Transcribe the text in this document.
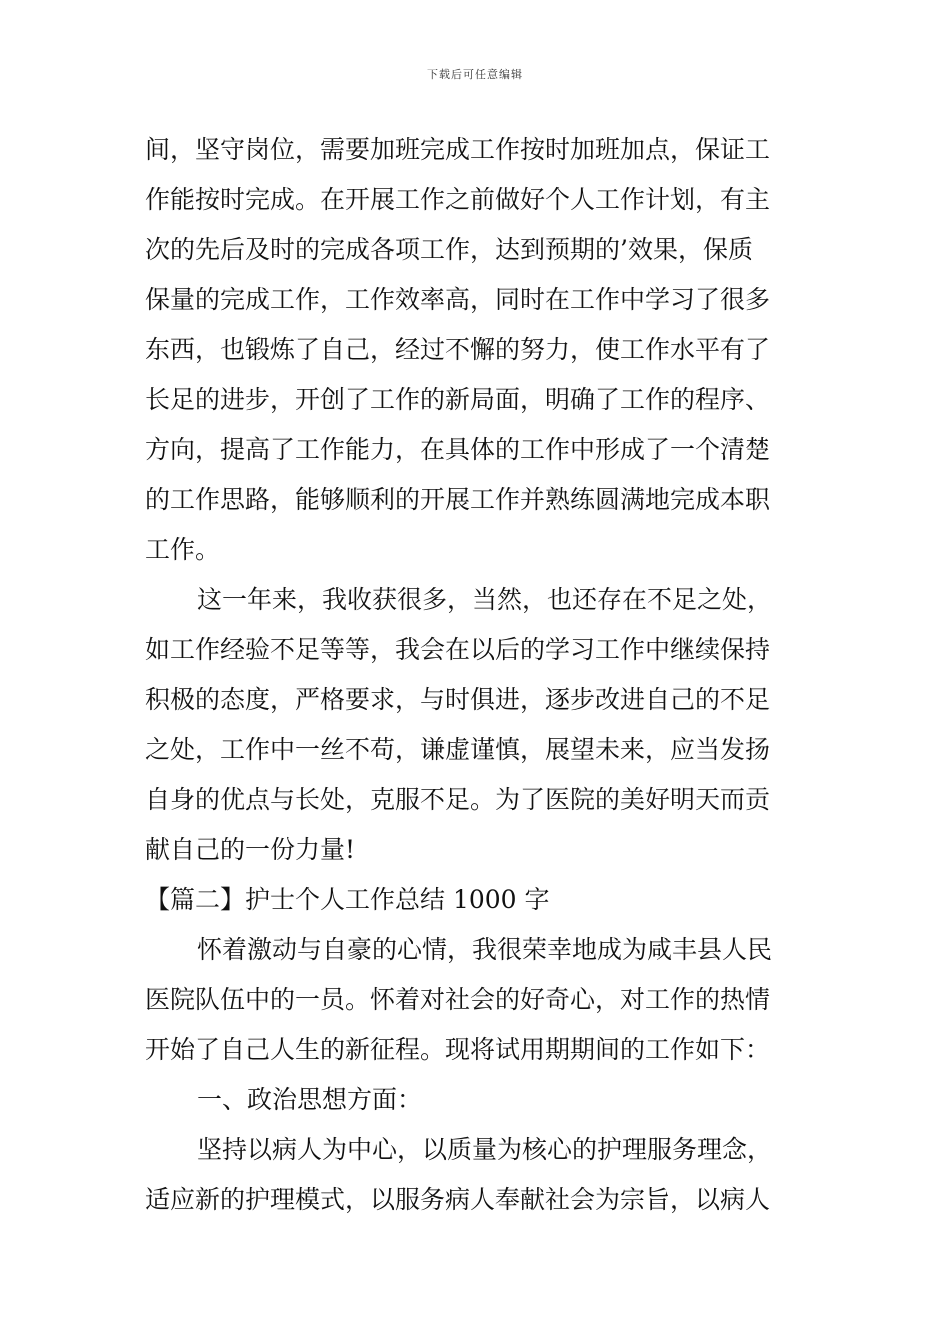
下载后可任意编辑
间，坚守岗位，需要加班完成工作按时加班加点，保证工
作能按时完成。在开展工作之前做好个人工作计划，有主
次的先后及时的完成各项工作，达到预期的’效果，保质
保量的完成工作，工作效率高，同时在工作中学习了很多
东西，也锻炼了自己，经过不懈的努力，使工作水平有了
长足的进步，开创了工作的新局面，明确了工作的程序、
方向，提高了工作能力，在具体的工作中形成了一个清楚
的工作思路，能够顺利的开展工作并熟练圆满地完成本职
工作。
这一年来，我收获很多，当然，也还存在不足之处，
如工作经验不足等等，我会在以后的学习工作中继续保持
积极的态度，严格要求，与时俱进，逐步改进自己的不足
之处，工作中一丝不苟，谦虚谨慎，展望未来，应当发扬
自身的优点与长处，克服不足。为了医院的美好明天而贡
献自己的一份力量!
【篇二】护士个人工作总结 1000 字
怀着激动与自豪的心情，我很荣幸地成为咸丰县人民
医院队伍中的一员。怀着对社会的好奇心，对工作的热情
开始了自己人生的新征程。现将试用期期间的工作如下：
一、政治思想方面：
坚持以病人为中心，以质量为核心的护理服务理念，
适应新的护理模式，以服务病人奉献社会为宗旨，以病人
